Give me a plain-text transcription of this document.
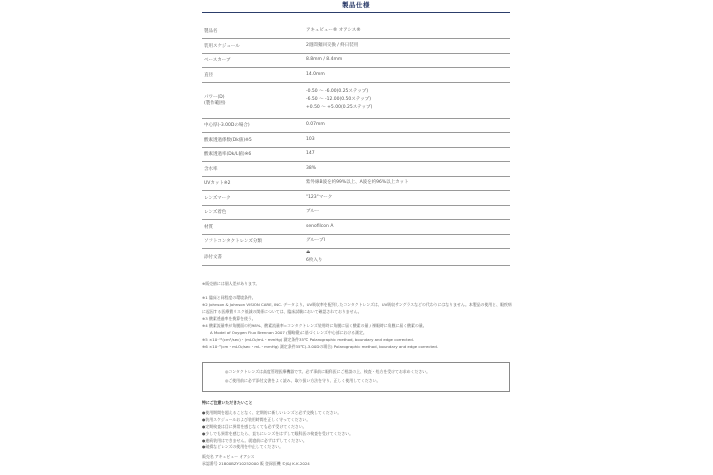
製品仕様
製品名	アキュビュー® オアシス®

装用スケジュール	2週間頻回交換 / 終日装用

ベースカーブ	8.8mm / 8.4mm

直径	14.0mm

パワー(D)
(製作範囲)	-0.50 〜 -6.00(0.25ステップ)
-6.50 〜 -12.00(0.50ステップ)
+0.50 〜 +5.00(0.25ステップ)

中心厚(-3.00Dの場合)	0.07mm

酸素透過係数(Dk値)※5	103

酸素透過率(Dk/L値)※6	147

含水率	38%

UVカット※2	紫外線B波を約99%以上、A波を約96%以上カット

レンズマーク	"123"マーク

レンズ着色	ブルー

材質	senofilcon A

ソフトコンタクトレンズ分類	グループI

添付文書	⏏
6枚入り

※販売値には個人差があります。

※1 臨床と同程度の環境条件。

※2 Johnson & Johnson VISION CARE, INC. データより。UV吸収率を配列したコンタクトレンズは、UV吸収サングラスなどの代わりにはなりません。本製品の使用と、眼疾病に起因する医療費リスク低減の関係については、臨床試験において確認されておりません。

※3 酸素透過率を換算を使う。

※4 酸素流量率が角膜面の約98%、酸素流量率=コンタクトレンズ装用時に角膜に届く酸素の量 / 裸眼時に角膜に届く酸素の量。

A Model of Oxygen Flux Brennan 2007 (簡略簡)に基づくレンズ中心部における測定。

※5 ×10⁻¹¹(cm²/sec)・(mLO₂/mL・mmHg) 測定条件35℃ Polarographic method, boundary and edge corrected.

※6 ×10⁻⁹(cm・mLO₂/sec・mL・mmHg) 測定条件35℃(-3.00Dの場合) Polarographic method, boundary and edge corrected.

◎コンタクトレンズは高度管理医療機器です。必ず事前に眼科医にご相談の上、検査・処方を受けてお求めください。

◎ご使用前に必ず添付文書をよく読み、取り扱い方法を守り、正しく使用してください。

特にご注意いただきたいこと

●使用期間を超えることなく、定期的に新しいレンズと必ず交換してください。

●装用スケジュールおよび装用時間を正しく守ってください。

●定期検査は目に異常を感じなくても必ず受けてください。

●少しでも異常を感じたら、直ちにレンズをはずして眼科医の検査を受けてください。

●連続装用はできません。就寝前に必ずはずしてください。

●破損などレンズの使用を中止してください。

販売名 アキュビュー オアシス

承認番号 21800BZY10252000 販 登録医機 ©J&J K.K.2024
